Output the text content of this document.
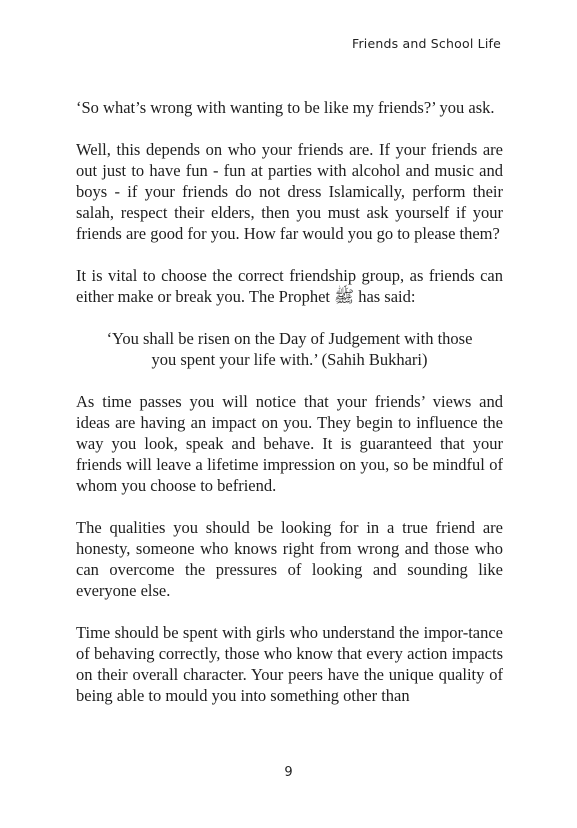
Friends and School Life

‘So what’s wrong with wanting to be like my friends?’ you ask.

Well, this depends on who your friends are. If your friends are out just to have fun - fun at parties with alcohol and music and boys - if your friends do not dress Islamically, perform their salah, respect their elders, then you must ask yourself if your friends are good for you. How far would you go to please them?

It is vital to choose the correct friendship group, as friends can either make or break you. The Prophet ﷺ has said:

‘You shall be risen on the Day of Judgement with those you spent your life with.’ (Sahih Bukhari)

As time passes you will notice that your friends’ views and ideas are having an impact on you. They begin to influence the way you look, speak and behave. It is guaranteed that your friends will leave a lifetime impression on you, so be mindful of whom you choose to befriend.

The qualities you should be looking for in a true friend are honesty, someone who knows right from wrong and those who can overcome the pressures of looking and sounding like everyone else.

Time should be spent with girls who understand the impor-tance of behaving correctly, those who know that every action impacts on their overall character. Your peers have the unique quality of being able to mould you into something other than

9
